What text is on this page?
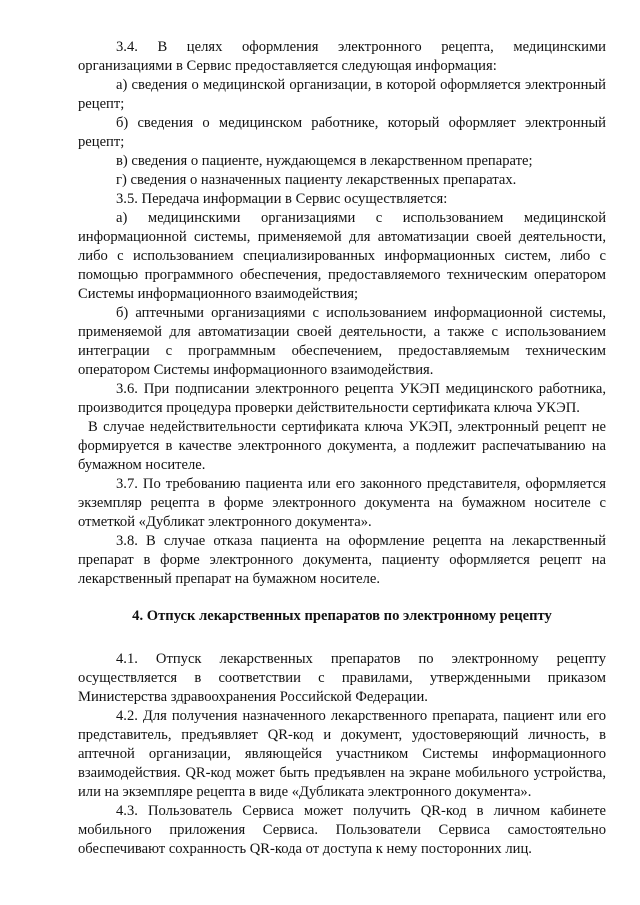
3.4. В целях оформления электронного рецепта, медицинскими организациями в Сервис предоставляется следующая информация:

а) сведения о медицинской организации, в которой оформляется электронный рецепт;

б) сведения о медицинском работнике, который оформляет электронный рецепт;

в) сведения о пациенте, нуждающемся в лекарственном препарате;

г) сведения о назначенных пациенту лекарственных препаратах.

3.5. Передача информации в Сервис осуществляется:

а) медицинскими организациями с использованием медицинской информационной системы, применяемой для автоматизации своей деятельности, либо с использованием специализированных информационных систем, либо с помощью программного обеспечения, предоставляемого техническим оператором Системы информационного взаимодействия;

б) аптечными организациями с использованием информационной системы, применяемой для автоматизации своей деятельности, а также с использованием интеграции с программным обеспечением, предоставляемым техническим оператором Системы информационного взаимодействия.

3.6. При подписании электронного рецепта УКЭП медицинского работника, производится процедура проверки действительности сертификата ключа УКЭП.

В случае недействительности сертификата ключа УКЭП, электронный рецепт не формируется в качестве электронного документа, а подлежит распечатыванию на бумажном носителе.

3.7. По требованию пациента или его законного представителя, оформляется экземпляр рецепта в форме электронного документа на бумажном носителе с отметкой «Дубликат электронного документа».

3.8. В случае отказа пациента на оформление рецепта на лекарственный препарат в форме электронного документа, пациенту оформляется рецепт на лекарственный препарат на бумажном носителе.

4. Отпуск лекарственных препаратов по электронному рецепту

4.1. Отпуск лекарственных препаратов по электронному рецепту осуществляется в соответствии с правилами, утвержденными приказом Министерства здравоохранения Российской Федерации.

4.2. Для получения назначенного лекарственного препарата, пациент или его представитель, предъявляет QR-код и документ, удостоверяющий личность, в аптечной организации, являющейся участником Системы информационного взаимодействия. QR-код может быть предъявлен на экране мобильного устройства, или на экземпляре рецепта в виде «Дубликата электронного документа».

4.3. Пользователь Сервиса может получить QR-код в личном кабинете мобильного приложения Сервиса. Пользователи Сервиса самостоятельно обеспечивают сохранность QR-кода от доступа к нему посторонних лиц.
